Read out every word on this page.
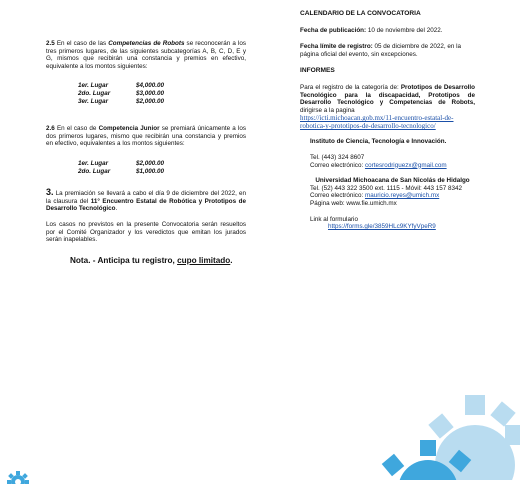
2.5 En el caso de las Competencias de Robots se reconocerán a los tres primeros lugares, de las siguientes subcategorías A, B, C, D, E y G, mismos que recibirán una constancia y premios en efectivo, equivalente a los montos siguientes:

1er. Lugar	$4,000.00
2do. Lugar	$3,000.00
3er. Lugar	$2,000.00

2.6 En el caso de Competencia Junior se premiará únicamente a los dos primeros lugares, mismo que recibirán una constancia y premios en efectivo, equivalentes a los montos siguientes:

1er. Lugar	$2,000.00
2do. Lugar	$1,000.00

3. La premiación se llevará a cabo el día 9 de diciembre del 2022, en la clausura del 11° Encuentro Estatal de Robótica y Prototipos de Desarrollo Tecnológico.

Los casos no previstos en la presente Convocatoria serán resueltos por el Comité Organizador y los veredictos que emitan los jurados serán inapelables.

Nota. - Anticipa tu registro, cupo limitado.

CALENDARIO DE LA CONVOCATORIA

Fecha de publicación: 10 de noviembre del 2022.

Fecha límite de registro: 05 de diciembre de 2022, en la página oficial del evento, sin excepciones.

INFORMES

Para el registro de la categoría de: Prototipos de Desarrollo Tecnológico para la discapacidad, Prototipos de Desarrollo Tecnológico y Competencias de Robots, dirigirse a la pagina

https://icti.michoacan.gob.mx/11-encuentro-estatal-de-robotica-y-prototipos-de-desarrollo-tecnologico/

Instituto de Ciencia, Tecnología e Innovación.

Tel. (443) 324 8607

Correo electrónico: cortesrodriguezx@gmail.com

Universidad Michoacana de San Nicolás de Hidalgo

Tel. (52) 443 322 3500 ext. 1115 - Móvil: 443 157 8342

Correo electrónico: mauricio.reyes@umich.mx

Página web: www.fie.umich.mx

Link al formulario

https://forms.gle/3859HLc9KYfyVpeR9
